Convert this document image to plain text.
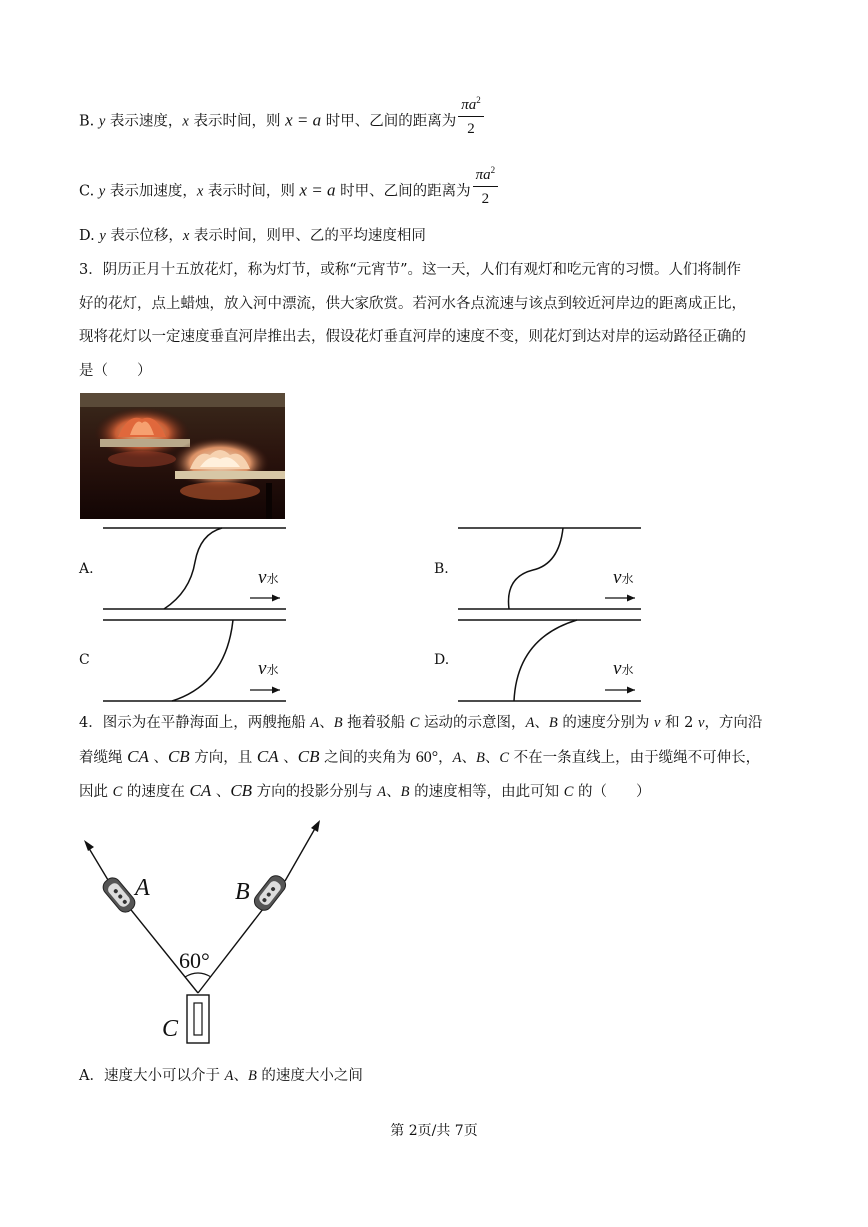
B. y 表示速度，x 表示时间，则 x = a 时甲、乙间的距离为 $\frac{\pi a^2}{2}$
C. y 表示加速度，x 表示时间，则 x = a 时甲、乙间的距离为 $\frac{\pi a^2}{2}$
D. y 表示位移，x 表示时间，则甲、乙的平均速度相同
3．阴历正月十五放花灯，称为灯节，或称“元宵节”。这一天，人们有观灯和吃元宵的习惯。人们将制作
好的花灯，点上蜡烛，放入河中漂流，供大家欣赏。若河水各点流速与该点到较近河岸边的距离成正比，
现将花灯以一定速度垂直河岸推出去，假设花灯垂直河岸的速度不变，则花灯到达对岸的运动路径正确的
是（　　）
A.	B.
C	D.
v水	v水
v水	v水
4．图示为在平静海面上，两艘拖船 A、B 拖着驳船 C 运动的示意图，A、B 的速度分别为 v 和 2 v，方向沿
着缆绳 CA 、CB 方向，且 CA 、CB 之间的夹角为 60°，A、B、C 不在一条直线上，由于缆绳不可伸长，
因此 C 的速度在 CA 、CB 方向的投影分别与 A、B 的速度相等，由此可知 C 的（　　）
60°
A	B
C
A．速度大小可以介于 A、B 的速度大小之间
第 2页/共 7页
